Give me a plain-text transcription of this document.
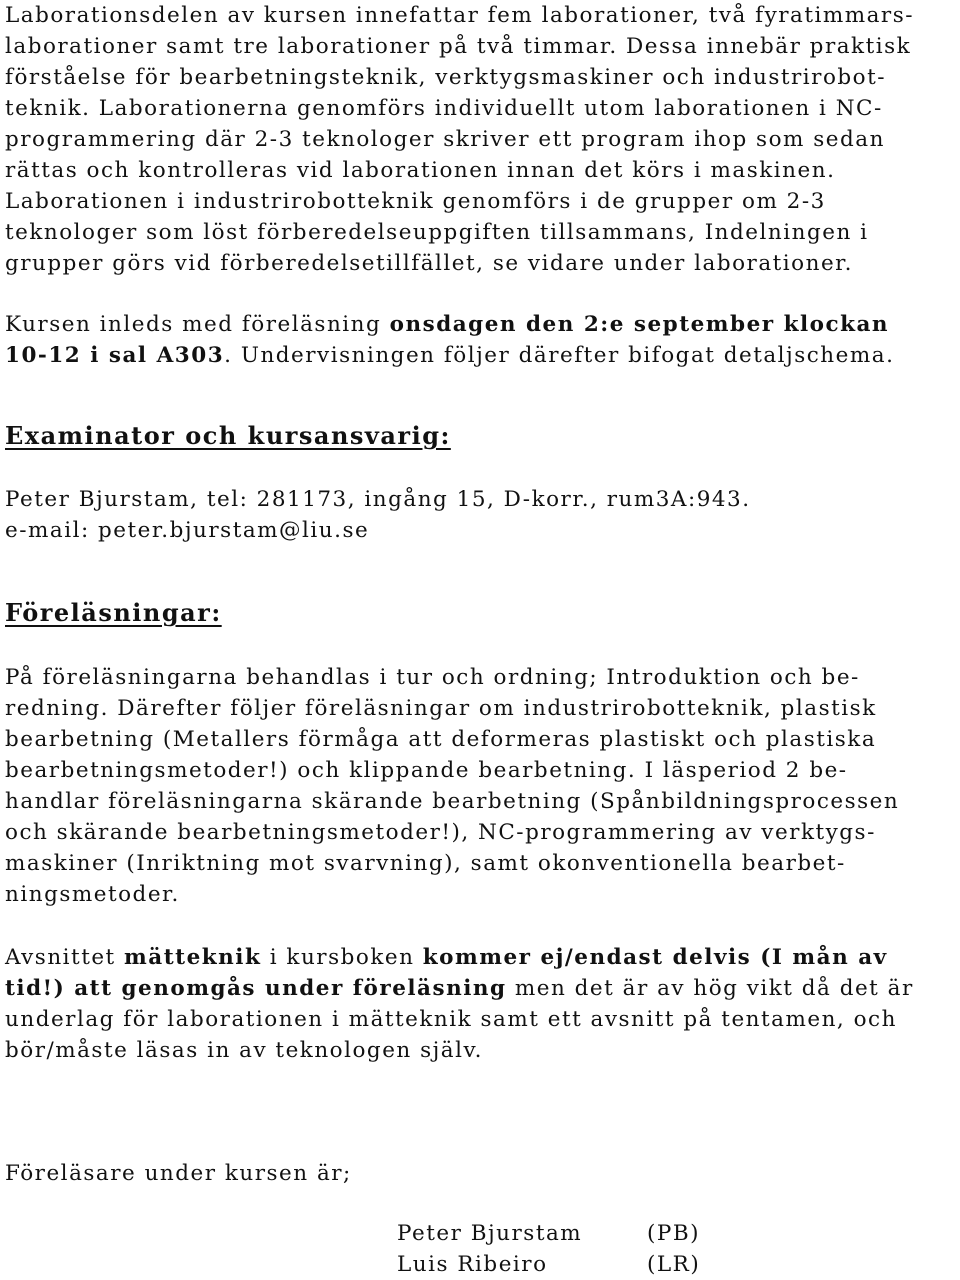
Laborationsdelen av kursen innefattar fem laborationer, två fyratimmars-
laborationer samt tre laborationer på två timmar. Dessa innebär praktisk
förståelse för bearbetningsteknik, verktygsmaskiner och industrirobot-
teknik. Laborationerna genomförs individuellt utom laborationen i NC-
programmering där 2-3 teknologer skriver ett program ihop som sedan
rättas och kontrolleras vid laborationen innan det körs i maskinen.
Laborationen i industrirobotteknik genomförs i de grupper om 2-3
teknologer som löst förberedelseuppgiften tillsammans, Indelningen i
grupper görs vid förberedelsetillfället, se vidare under laborationer.
Kursen inleds med föreläsning onsdagen den 2:e september klockan
10-12 i sal A303. Undervisningen följer därefter bifogat detaljschema.
Examinator och kursansvarig:
Peter Bjurstam, tel: 281173, ingång 15, D-korr., rum3A:943.
e-mail: peter.bjurstam@liu.se
Föreläsningar:
På föreläsningarna behandlas i tur och ordning; Introduktion och be-
redning. Därefter följer föreläsningar om industrirobotteknik, plastisk
bearbetning (Metallers förmåga att deformeras plastiskt och plastiska
bearbetningsmetoder!) och klippande bearbetning. I läsperiod 2 be-
handlar föreläsningarna skärande bearbetning (Spånbildningsprocessen
och skärande bearbetningsmetoder!), NC-programmering av verktygs-
maskiner (Inriktning mot svarvning), samt okonventionella bearbet-
ningsmetoder.
Avsnittet mätteknik i kursboken kommer ej/endast delvis (I mån av
tid!) att genomgås under föreläsning men det är av hög vikt då det är
underlag för laborationen i mätteknik samt ett avsnitt på tentamen, och
bör/måste läsas in av teknologen själv.
Föreläsare under kursen är;
Peter Bjurstam	(PB)
Luis Ribeiro	(LR)
